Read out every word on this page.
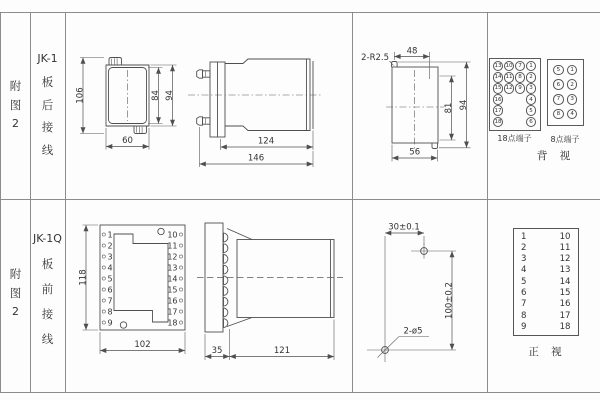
附
图
2
JK-1
板
后
接
线
附
图
2
JK-1Q
板
前
接
线
106	84 94
60	124
146
48
2-R2.5
81 94
56
13 10	7	1
14 11	8	2
15 12	9	3
16	4
17	5
18	6
5	1
6	2
7	3
8	4
18点端子	8点端子
背 视
1
2
3
4
5
6
7
8
9
10
11
12
13
14
15
16
17
18
118
102
35	121
30±0.1
100±0.2
2-ø5
1	10
2	11
3	12
4	13
5	14
6	15
7	16
8	17
9	18
正 视
